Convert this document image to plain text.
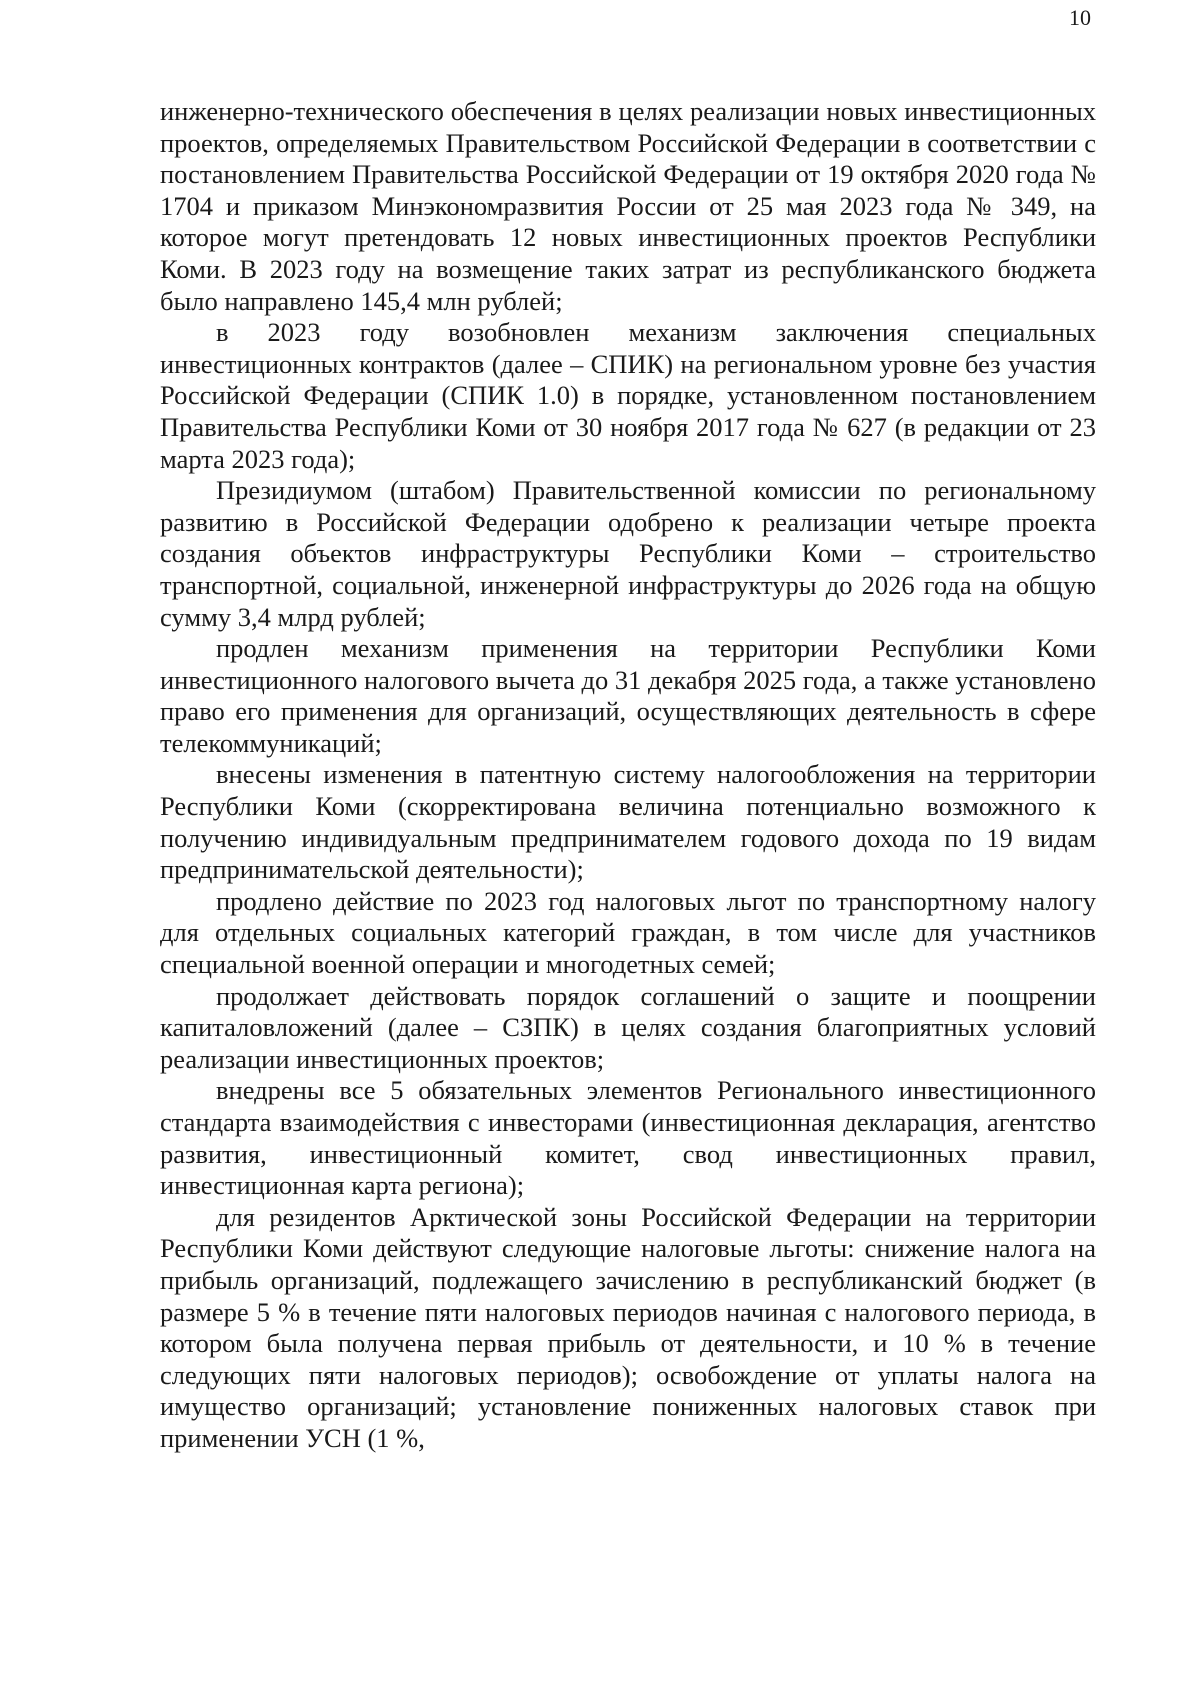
10

инженерно-технического обеспечения в целях реализации новых инвестиционных проектов, определяемых Правительством Российской Федерации в соответствии с постановлением Правительства Российской Федерации от 19 октября 2020 года № 1704 и приказом Минэкономразвития России от 25 мая 2023 года № 349, на которое могут претендовать 12 новых инвестиционных проектов Республики Коми. В 2023 году на возмещение таких затрат из республиканского бюджета было направлено 145,4 млн рублей;

в 2023 году возобновлен механизм заключения специальных инвестиционных контрактов (далее – СПИК) на региональном уровне без участия Российской Федерации (СПИК 1.0) в порядке, установленном постановлением Правительства Республики Коми от 30 ноября 2017 года № 627 (в редакции от 23 марта 2023 года);

Президиумом (штабом) Правительственной комиссии по региональному развитию в Российской Федерации одобрено к реализации четыре проекта создания объектов инфраструктуры Республики Коми – строительство транспортной, социальной, инженерной инфраструктуры до 2026 года на общую сумму 3,4 млрд рублей;

продлен механизм применения на территории Республики Коми инвестиционного налогового вычета до 31 декабря 2025 года, а также установлено право его применения для организаций, осуществляющих деятельность в сфере телекоммуникаций;

внесены изменения в патентную систему налогообложения на территории Республики Коми (скорректирована величина потенциально возможного к получению индивидуальным предпринимателем годового дохода по 19 видам предпринимательской деятельности);

продлено действие по 2023 год налоговых льгот по транспортному налогу для отдельных социальных категорий граждан, в том числе для участников специальной военной операции и многодетных семей;

продолжает действовать порядок соглашений о защите и поощрении капиталовложений (далее – СЗПК) в целях создания благоприятных условий реализации инвестиционных проектов;

внедрены все 5 обязательных элементов Регионального инвестиционного стандарта взаимодействия с инвесторами (инвестиционная декларация, агентство развития, инвестиционный комитет, свод инвестиционных правил, инвестиционная карта региона);

для резидентов Арктической зоны Российской Федерации на территории Республики Коми действуют следующие налоговые льготы: снижение налога на прибыль организаций, подлежащего зачислению в республиканский бюджет (в размере 5 % в течение пяти налоговых периодов начиная с налогового периода, в котором была получена первая прибыль от деятельности, и 10 % в течение следующих пяти налоговых периодов); освобождение от уплаты налога на имущество организаций; установление пониженных налоговых ставок при применении УСН (1 %,
